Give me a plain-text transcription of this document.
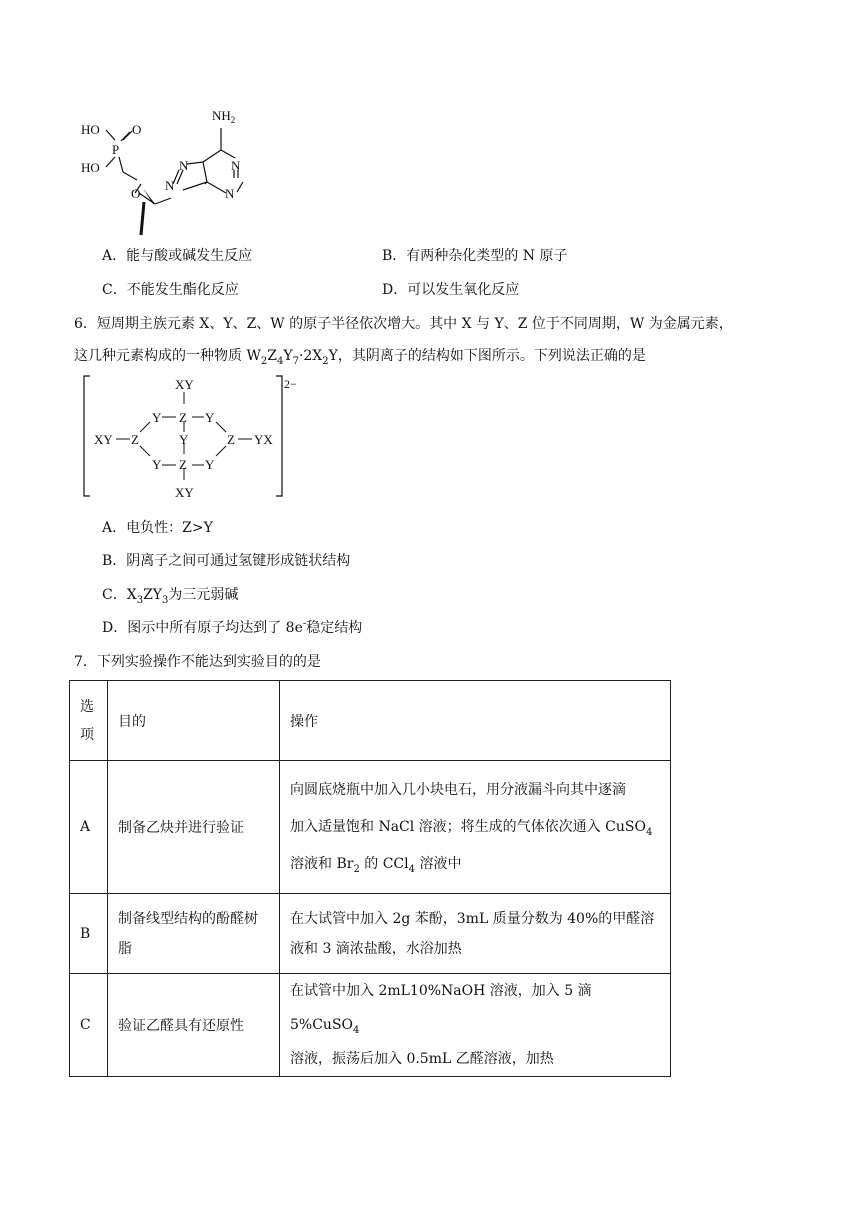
HO
HO
P
O
O
N
N	N
N
$NH_2$
A．能与酸或碱发生反应	B．有两种杂化类型的 N 原子
C．不能发生酯化反应	D．可以发生氧化反应
6．短周期主族元素 X、Y、Z、W 的原子半径依次增大。其中 X 与 Y、Z 位于不同周期，W 为金属元素，
这几种元素构成的一种物质 $W_2Z_4Y_7\cdot 2X_2Y$，其阴离子的结构如下图所示。下列说法正确的是
2−
XY
XY
XY	YX
Z
Z
Z	Z
Y	Y
Y	Y
Y
A．电负性：Z>Y
B．阴离子之间可通过氢键形成链状结构
C．$X_3ZY_3$为三元弱碱
D．图示中所有原子均达到了 8e-稳定结构
7．下列实验操作不能达到实验目的的是
选
项	目的	操作
A	制备乙炔并进行验证	向圆底烧瓶中加入几小块电石，用分液漏斗向其中逐滴
加入适量饱和 NaCl 溶液；将生成的气体依次通入 CuSO$_4$
溶液和 $Br_2$ 的 CCl$_4$ 溶液中

B	制备线型结构的酚醛树
脂	在大试管中加入 2g 苯酚，3mL 质量分数为 40%的甲醛溶
液和 3 滴浓盐酸，水浴加热

C	验证乙醛具有还原性	在试管中加入 2mL10%NaOH 溶液，加入 5 滴 5%CuSO$_4$
溶液，振荡后加入 0.5mL 乙醛溶液，加热
